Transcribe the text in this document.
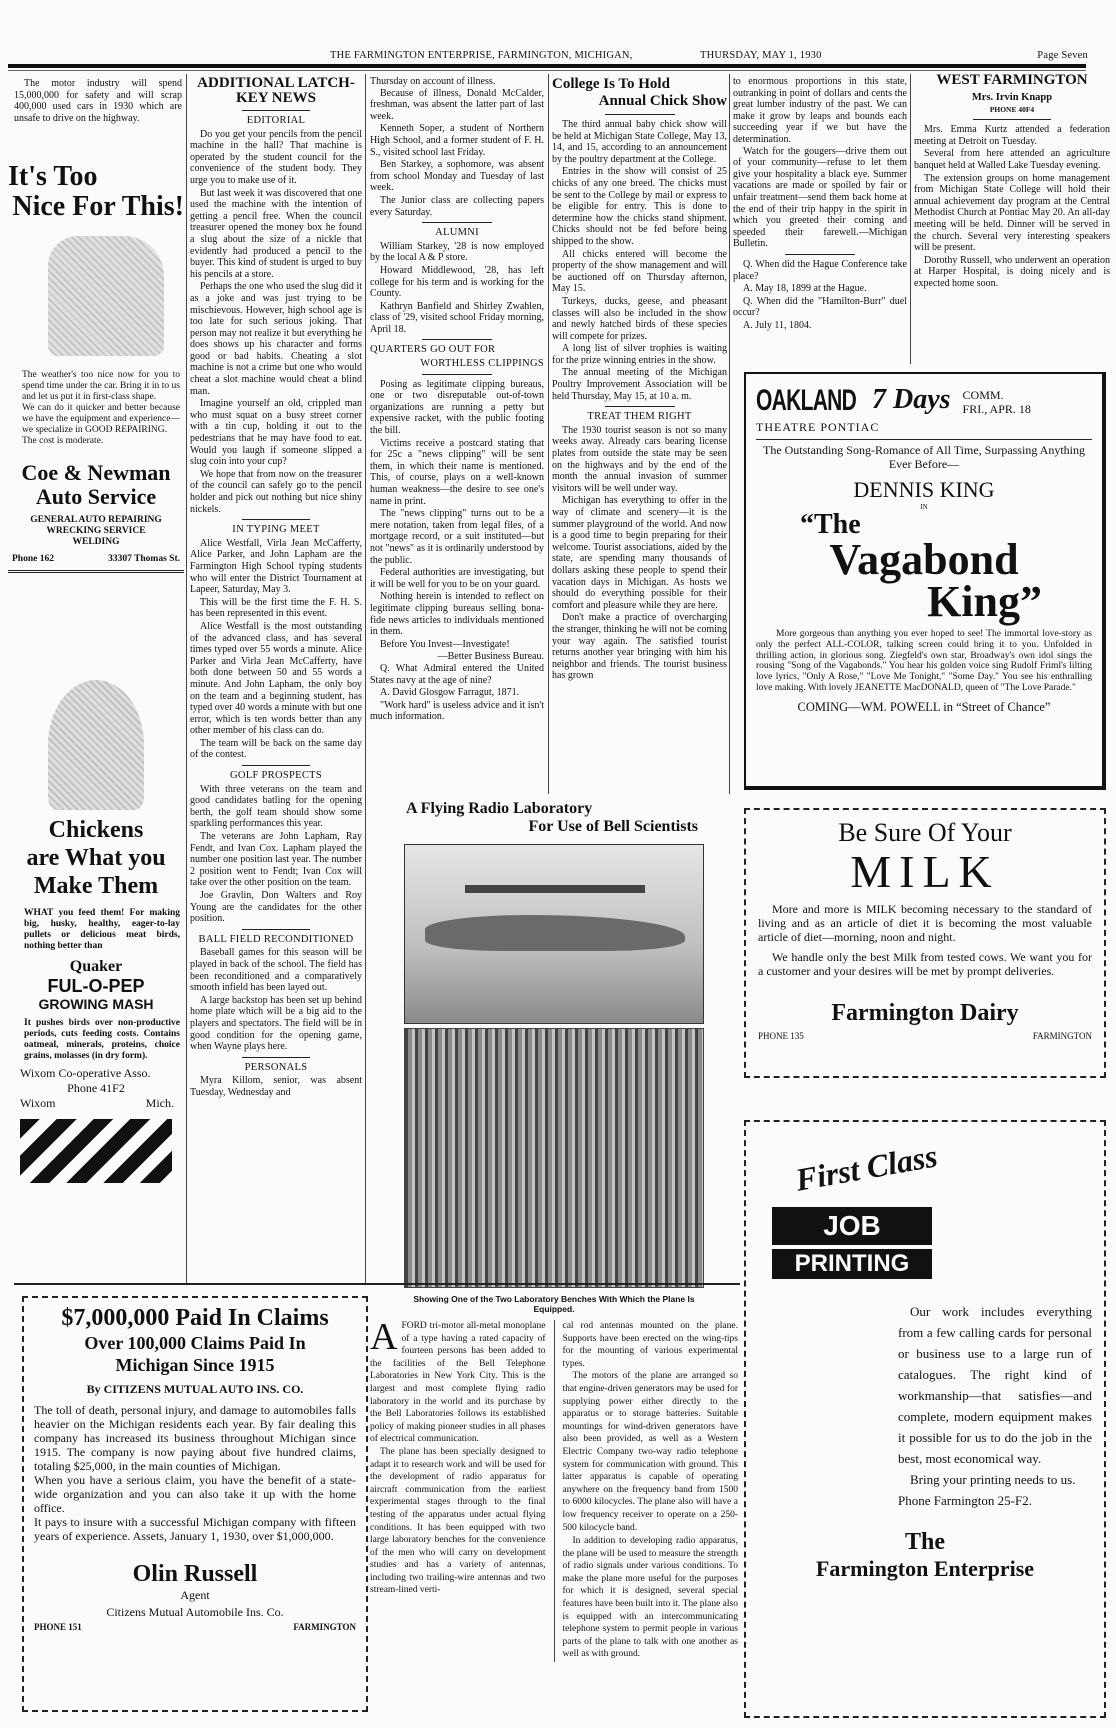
THE FARMINGTON ENTERPRISE, FARMINGTON, MICHIGAN,	THURSDAY, MAY 1, 1930	Page Seven

The motor industry will spend 15,000,000 for safety and will scrap 400,000 used cars in 1930 which are unsafe to drive on the highway.

It's Too
Nice For This!
The weather's too nice now for you to spend time under the car. Bring it in to us and let us put it in first-class shape.
We can do it quicker and better because we have the equipment and experience—we specialize in GOOD REPAIRING.
The cost is moderate.
Coe & Newman
Auto Service
GENERAL AUTO REPAIRING
WRECKING SERVICE
WELDING
Phone 162	33307 Thomas St.
Chickens
are What you
Make Them
WHAT you feed them! For making big, husky, healthy, eager-to-lay pullets or delicious meat birds, nothing better than
Quaker
FUL-O-PEP
GROWING MASH
It pushes birds over non-productive periods, cuts feeding costs. Contains oatmeal, minerals, proteins, choice grains, molasses (in dry form).
Wixom Co-operative Asso.
Phone 41F2
Wixom	Mich.
ADDITIONAL LATCH-KEY NEWS
EDITORIAL

Do you get your pencils from the pencil machine in the hall? That machine is operated by the student council for the convenience of the student body. They urge you to make use of it.

But last week it was discovered that one used the machine with the intention of getting a pencil free. When the council treasurer opened the money box he found a slug about the size of a nickle that evidently had produced a pencil to the buyer. This kind of student is urged to buy his pencils at a store.

Perhaps the one who used the slug did it as a joke and was just trying to be mischievous. However, high school age is too late for such serious joking. That person may not realize it but everything he does shows up his character and forms good or bad habits. Cheating a slot machine is not a crime but one who would cheat a slot machine would cheat a blind man.

Imagine yourself an old, crippled man who must squat on a busy street corner with a tin cup, holding it out to the pedestrians that he may have food to eat. Would you laugh if someone slipped a slug coin into your cup?

We hope that from now on the treasurer of the council can safely go to the pencil holder and pick out nothing but nice shiny nickels.

IN TYPING MEET

Alice Westfall, Virla Jean McCafferty, Alice Parker, and John Lapham are the Farmington High School typing students who will enter the District Tournament at Lapeer, Saturday, May 3.

This will be the first time the F. H. S. has been represented in this event.

Alice Westfall is the most outstanding of the advanced class, and has several times typed over 55 words a minute. Alice Parker and Virla Jean McCafferty, have both done between 50 and 55 words a minute. And John Lapham, the only boy on the team and a beginning student, has typed over 40 words a minute with but one error, which is ten words better than any other member of his class can do.

The team will be back on the same day of the contest.

GOLF PROSPECTS

With three veterans on the team and good candidates batling for the opening berth, the golf team should show some sparkling performances this year.

The veterans are John Lapham, Ray Fendt, and Ivan Cox. Lapham played the number one position last year. The number 2 position went to Fendt; Ivan Cox will take over the other position on the team.

Joe Gravlin, Don Walters and Roy Young are the candidates for the other position.

BALL FIELD RECONDITIONED

Baseball games for this season will be played in back of the school. The field has been reconditioned and a comparatively smooth infield has been layed out.

A large backstop has been set up behind home plate which will be a big aid to the players and spectators. The field will be in good condition for the opening game, when Wayne plays here.

PERSONALS

Myra Killom, senior, was absent Tuesday, Wednesday and

Thursday on account of illness.

Because of illness, Donald McCalder, freshman, was absent the latter part of last week.

Kenneth Soper, a student of Northern High School, and a former student of F. H. S., visited school last Friday.

Ben Starkey, a sophomore, was absent from school Monday and Tuesday of last week.

The Junior class are collecting papers every Saturday.

ALUMNI

William Starkey, '28 is now employed by the local A & P store.

Howard Middlewood, '28, has left college for his term and is working for the County.

Kathryn Banfield and Shirley Zwahlen, class of '29, visited school Friday morning, April 18.

QUARTERS GO OUT FOR
WORTHLESS CLIPPINGS

Posing as legitimate clipping bureaus, one or two disreputable out-of-town organizations are running a petty but expensive racket, with the public footing the bill.

Victims receive a postcard stating that for 25c a "news clipping" will be sent them, in which their name is mentioned. This, of course, plays on a well-known human weakness—the desire to see one's name in print.

The "news clipping" turns out to be a mere notation, taken from legal files, of a mortgage record, or a suit instituted—but not "news" as it is ordinarily understood by the public.

Federal authorities are investigating, but it will be well for you to be on your guard.

Nothing herein is intended to reflect on legitimate clipping bureaus selling bona-fide news articles to individuals mentioned in them.

Before You Invest—Investigate!

—Better Business Bureau.

Q. What Admiral entered the United States navy at the age of nine?

A. David Glosgow Farragut, 1871.

"Work hard" is useless advice and it isn't much information.

College Is To Hold
Annual Chick Show

The third annual baby chick show will be held at Michigan State College, May 13, 14, and 15, according to an announcement by the poultry department at the College.

Entries in the show will consist of 25 chicks of any one breed. The chicks must be sent to the College by mail or express to be eligible for entry. This is done to determine how the chicks stand shipment. Chicks should not be fed before being shipped to the show.

All chicks entered will become the property of the show management and will be auctioned off on Thursday afternon, May 15.

Turkeys, ducks, geese, and pheasant classes will also be included in the show and newly hatched birds of these species will compete for prizes.

A long list of silver trophies is waiting for the prize winning entries in the show.

The annual meeting of the Michigan Poultry Improvement Association will be held Thursday, May 15, at 10 a. m.

TREAT THEM RIGHT

The 1930 tourist season is not so many weeks away. Already cars bearing license plates from outside the state may be seen on the highways and by the end of the month the annual invasion of summer visitors will be well under way.

Michigan has everything to offer in the way of climate and scenery—it is the summer playground of the world. And now is a good time to begin preparing for their welcome. Tourist associations, aided by the state, are spending many thousands of dollars asking these people to spend their vacation days in Michigan. As hosts we should do everything possible for their comfort and pleasure while they are here.

Don't make a practice of overcharging the stranger, thinking he will not be coming your way again. The satisfied tourist returns another year bringing with him his neighbor and friends. The tourist business has grown

to enormous proportions in this state, outranking in point of dollars and cents the great lumber industry of the past. We can make it grow by leaps and bounds each succeeding year if we but have the determination.

Watch for the gougers—drive them out of your community—refuse to let them give your hospitality a black eye. Summer vacations are made or spoiled by fair or unfair treatment—send them back home at the end of their trip happy in the spirit in which you greeted their coming and speeded their farewell.—Michigan Bulletin.

Q. When did the Hague Conference take place?

A. May 18, 1899 at the Hague.

Q. When did the "Hamilton-Burr" duel occur?

A. July 11, 1804.

WEST FARMINGTON
Mrs. Irvin Knapp
PHONE 40F4

Mrs. Emma Kurtz attended a federation meeting at Detroit on Tuesday.

Several from here attended an agriculture banquet held at Walled Lake Tuesday evening.

The extension groups on home management from Michigan State College will hold their annual achievement day program at the Central Methodist Church at Pontiac May 20. An all-day meeting will be held. Dinner will be served in the church. Several very interesting speakers will be present.

Dorothy Russell, who underwent an operation at Harper Hospital, is doing nicely and is expected home soon.

OAKLAND 7 Days COMM.
FRI., APR. 18
THEATRE PONTIAC
The Outstanding Song-Romance of All Time, Surpassing Anything Ever Before—
DENNIS KING
IN
“The
Vagabond
King”
More gorgeous than anything you ever hoped to see! The immortal love-story as only the perfect ALL-COLOR, talking screen could bring it to you. Unfolded in thrilling action, in glorious song. Ziegfeld's own star, Broadway's own idol sings the rousing "Song of the Vagabonds." You hear his golden voice sing Rudolf Friml's lilting love lyrics, "Only A Rose," "Love Me Tonight," "Some Day." You see his enthralling love making. With lovely JEANETTE MacDONALD, queen of "The Love Parade."
COMING—WM. POWELL in “Street of Chance”
Be Sure Of Your
MILK

More and more is MILK becoming necessary to the standard of living and as an article of diet it is becoming the most valuable article of diet—morning, noon and night.

We handle only the best Milk from tested cows. We want you for a customer and your desires will be met by prompt deliveries.

Farmington Dairy
PHONE 135	FARMINGTON
First Class
JOB
PRINTING

Our work includes everything from a few calling cards for personal or business use to a large run of catalogues. The right kind of workmanship—that satisfies—and complete, modern equipment makes it possible for us to do the job in the best, most economical way.

Bring your printing needs to us. Phone Farmington 25-F2.

The
Farmington Enterprise
A Flying Radio Laboratory
For Use of Bell Scientists
Showing One of the Two Laboratory Benches With Which the Plane Is Equipped.
A FORD tri-motor all-metal monoplane of a type having a rated capacity of fourteen persons has been added to the facilities of the Bell Telephone Laboratories in New York City. This is the largest and most complete flying radio laboratory in the world and its purchase by the Bell Laboratories follows its established policy of making pioneer studies in all phases of electrical communication.

The plane has been specially designed to adapt it to research work and will be used for the development of radio apparatus for aircraft communication from the earliest experimental stages through to the final testing of the apparatus under actual flying conditions. It has been equipped with two large laboratory benches for the convenience of the men who will carry on development studies and has a variety of antennas, including two trailing-wire antennas and two stream-lined verti-

cal rod antennas mounted on the plane. Supports have been erected on the wing-tips for the mounting of various experimental types.

The motors of the plane are arranged so that engine-driven generators may be used for supplying power either directly to the apparatus or to storage batteries. Suitable mountings for wind-driven generators have also been provided, as well as a Western Electric Company two-way radio telephone system for communication with ground. This latter apparatus is capable of operating anywhere on the frequency band from 1500 to 6000 kilocycles. The plane also will have a low frequency receiver to operate on a 250-500 kilocycle band.

In addition to developing radio apparatus, the plane will be used to measure the strength of radio signals under various conditions. To make the plane more useful for the purposes for which it is designed, several special features have been built into it. The plane also is equipped with an intercommunicating telephone system to permit people in various parts of the plane to talk with one another as well as with ground.

$7,000,000 Paid In Claims
Over 100,000 Claims Paid In
Michigan Since 1915
By CITIZENS MUTUAL AUTO INS. CO.

The toll of death, personal injury, and damage to automobiles falls heavier on the Michigan residents each year. By fair dealing this company has increased its business throughout Michigan since 1915. The company is now paying about five hundred claims, totaling $25,000, in the main counties of Michigan.

When you have a serious claim, you have the benefit of a state-wide organization and you can also take it up with the home office.

It pays to insure with a successful Michigan company with fifteen years of experience. Assets, January 1, 1930, over $1,000,000.

Olin Russell
Agent
Citizens Mutual Automobile Ins. Co.
PHONE 151	FARMINGTON
